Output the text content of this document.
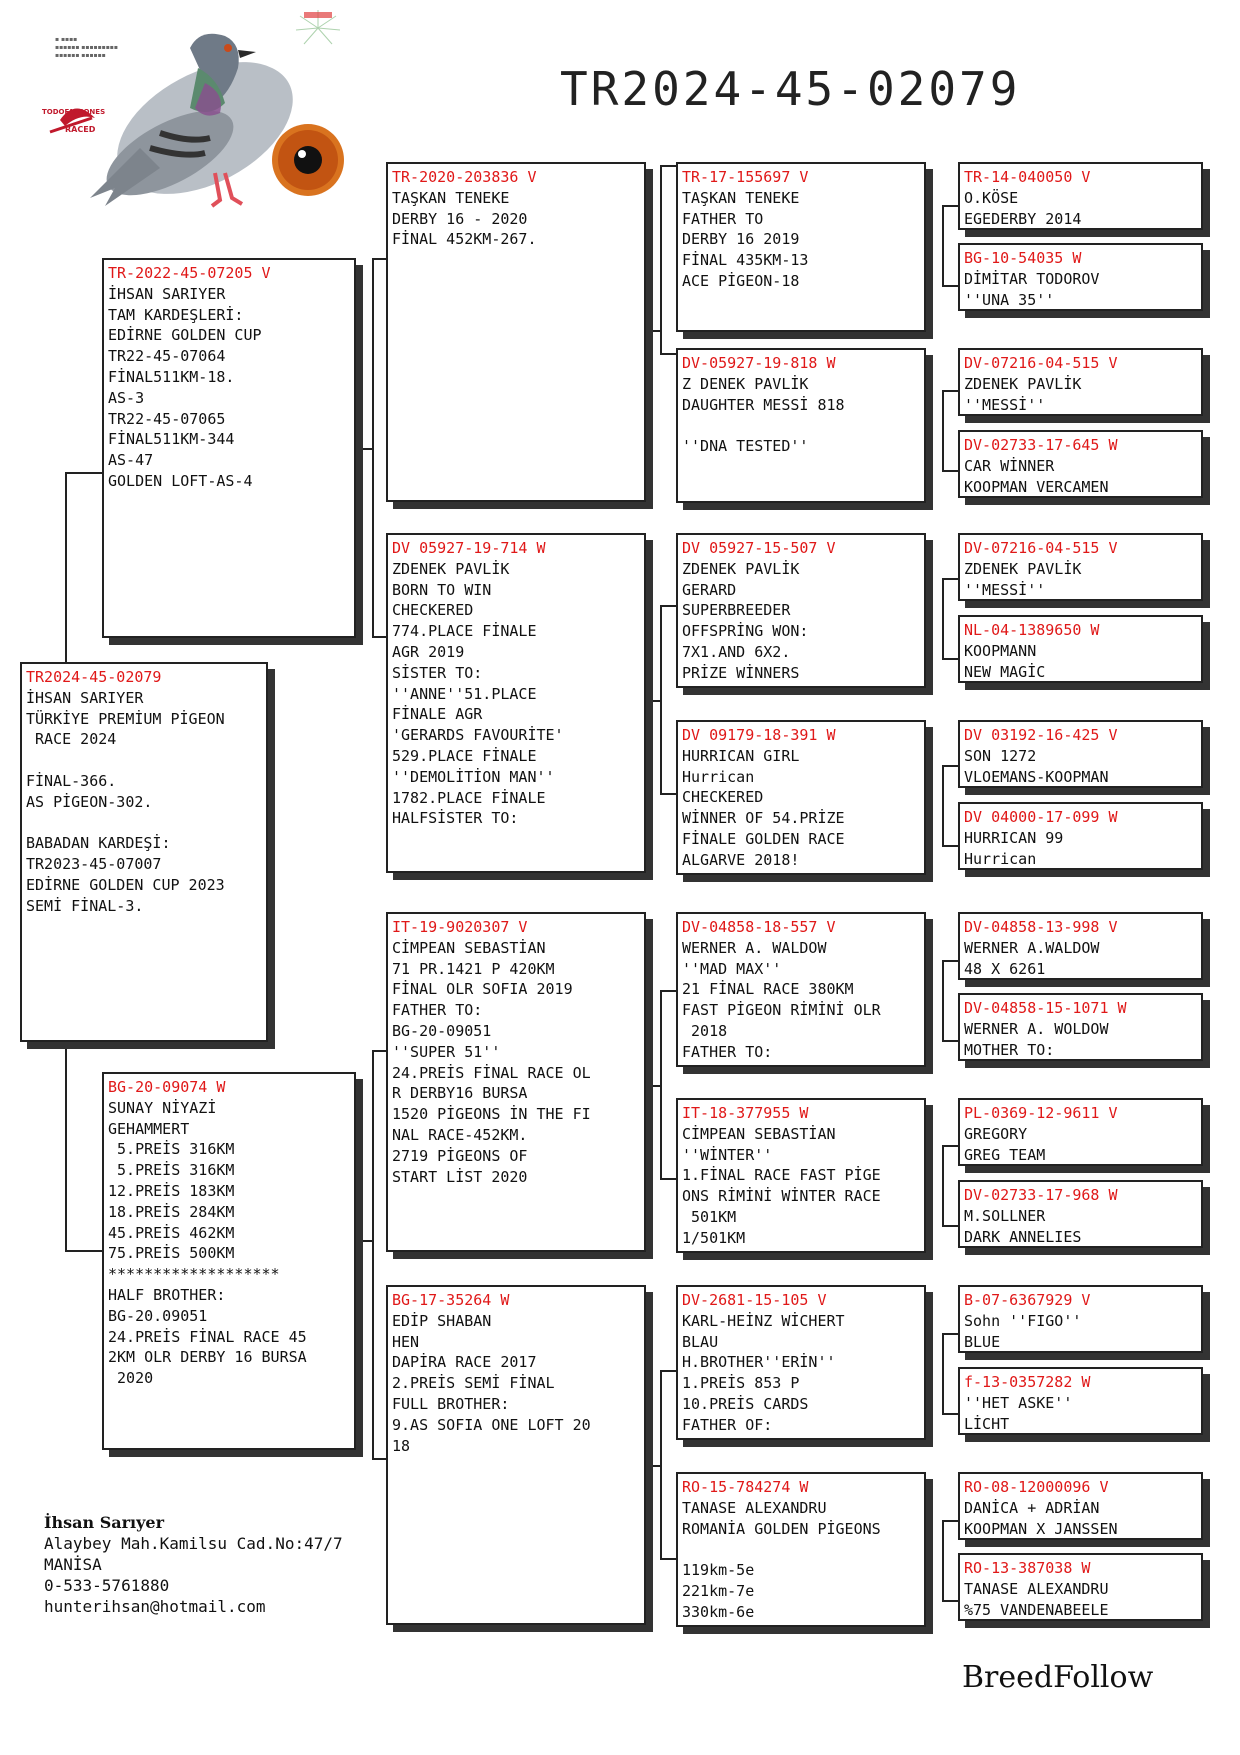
▪ ▪▪▪▪
▪▪▪▪▪▪ ▪▪▪▪▪▪▪▪▪
▪▪▪▪▪▪ ▪▪▪▪▪▪
TODOFALCONES
RACED
TR2024-45-02079
TR2024-45-02079
İHSAN SARIYER
TÜRKİYE PREMİUM PİGEON
RACE 2024

FİNAL-366.
AS PİGEON-302.

BABADAN KARDEŞİ:
TR2023-45-07007
EDİRNE GOLDEN CUP 2023
SEMİ FİNAL-3.
TR-2022-45-07205 V
İHSAN SARIYER
TAM KARDEŞLERİ:
EDİRNE GOLDEN CUP
TR22-45-07064
FİNAL511KM-18.
AS-3
TR22-45-07065
FİNAL511KM-344
AS-47
GOLDEN LOFT-AS-4
BG-20-09074 W
SUNAY NİYAZİ
GEHAMMERT
5.PREİS 316KM
5.PREİS 316KM
12.PREİS 183KM
18.PREİS 284KM
45.PREİS 462KM
75.PREİS 500KM
*******************
HALF BROTHER:
BG-20.09051
24.PREİS FİNAL RACE 45
2KM OLR DERBY 16 BURSA
2020
TR-2020-203836 V
TAŞKAN TENEKE
DERBY 16 - 2020
FİNAL 452KM-267.
DV 05927-19-714 W
ZDENEK PAVLİK
BORN TO WIN
CHECKERED
774.PLACE FİNALE
AGR 2019
SİSTER TO:
''ANNE''51.PLACE
FİNALE AGR
'GERARDS FAVOURİTE'
529.PLACE FİNALE
''DEMOLİTİON MAN''
1782.PLACE FİNALE
HALFSİSTER TO:
IT-19-9020307 V
CİMPEAN SEBASTİAN
71 PR.1421 P 420KM
FİNAL OLR SOFIA 2019
FATHER TO:
BG-20-09051
''SUPER 51''
24.PREİS FİNAL RACE OL
R DERBY16 BURSA
1520 PİGEONS İN THE FI
NAL RACE-452KM.
2719 PİGEONS OF
START LİST 2020
BG-17-35264 W
EDİP SHABAN
HEN
DAPİRA RACE 2017
2.PREİS SEMİ FİNAL
FULL BROTHER:
9.AS SOFIA ONE LOFT 20
18
TR-17-155697 V
TAŞKAN TENEKE
FATHER TO
DERBY 16 2019
FİNAL 435KM-13
ACE PİGEON-18
DV-05927-19-818 W
Z DENEK PAVLİK
DAUGHTER MESSİ 818

''DNA TESTED''
DV 05927-15-507 V
ZDENEK PAVLİK
GERARD
SUPERBREEDER
OFFSPRİNG WON:
7X1.AND 6X2.
PRİZE WİNNERS
DV 09179-18-391 W
HURRICAN GIRL
Hurrican
CHECKERED
WİNNER OF 54.PRİZE
FİNALE GOLDEN RACE
ALGARVE 2018!
DV-04858-18-557 V
WERNER A. WALDOW
''MAD MAX''
21 FİNAL RACE 380KM
FAST PİGEON RİMİNİ OLR
2018
FATHER TO:
IT-18-377955 W
CİMPEAN SEBASTİAN
''WİNTER''
1.FİNAL RACE FAST PİGE
ONS RİMİNİ WİNTER RACE
501KM
1/501KM
DV-2681-15-105 V
KARL-HEİNZ WİCHERT
BLAU
H.BROTHER''ERİN''
1.PREİS 853 P
10.PREİS CARDS
FATHER OF:
RO-15-784274 W
TANASE ALEXANDRU
ROMANİA GOLDEN PİGEONS

119km-5e
221km-7e
330km-6e
TR-14-040050 V
O.KÖSE
EGEDERBY 2014
BG-10-54035 W
DİMİTAR TODOROV
''UNA 35''
DV-07216-04-515 V
ZDENEK PAVLİK
''MESSİ''
DV-02733-17-645 W
CAR WİNNER
KOOPMAN VERCAMEN
DV-07216-04-515 V
ZDENEK PAVLİK
''MESSİ''
NL-04-1389650 W
KOOPMANN
NEW MAGİC
DV 03192-16-425 V
SON 1272
VLOEMANS-KOOPMAN
DV 04000-17-099 W
HURRICAN 99
Hurrican
DV-04858-13-998 V
WERNER A.WALDOW
48 X 6261
DV-04858-15-1071 W
WERNER A. WOLDOW
MOTHER TO:
PL-0369-12-9611 V
GREGORY
GREG TEAM
DV-02733-17-968 W
M.SOLLNER
DARK ANNELIES
B-07-6367929 V
Sohn ''FIGO''
BLUE
f-13-0357282 W
''HET ASKE''
LİCHT
RO-08-12000096 V
DANİCA + ADRİAN
KOOPMAN X JANSSEN
RO-13-387038 W
TANASE ALEXANDRU
%75 VANDENABEELE
İhsan Sarıyer
Alaybey Mah.Kamilsu Cad.No:47/7
MANİSA
0-533-5761880
hunterihsan@hotmail.com
BreedFollow
